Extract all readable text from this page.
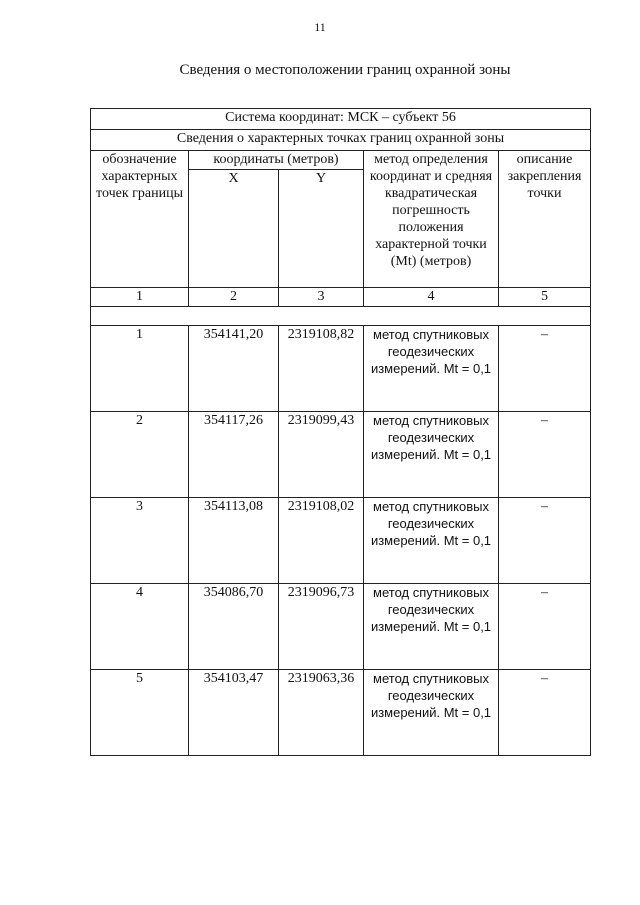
11
Сведения о местоположении границ охранной зоны
Система координат: МСК – субъект 56				
Сведения о характерных точках границ охранной зоны				
обозначение характерных точек границы	координаты (метров)		метод определения координат и средняя квадратическая погрешность положения характерной точки (Mt) (метров)	описание закрепления точки
	X	Y		
1	2	3	4	5

1	354141,20	2319108,82	метод спутниковых геодезических измерений. Mt = 0,1	–
2	354117,26	2319099,43	метод спутниковых геодезических измерений. Mt = 0,1	–
3	354113,08	2319108,02	метод спутниковых геодезических измерений. Mt = 0,1	–
4	354086,70	2319096,73	метод спутниковых геодезических измерений. Mt = 0,1	–
5	354103,47	2319063,36	метод спутниковых геодезических измерений. Mt = 0,1	–
